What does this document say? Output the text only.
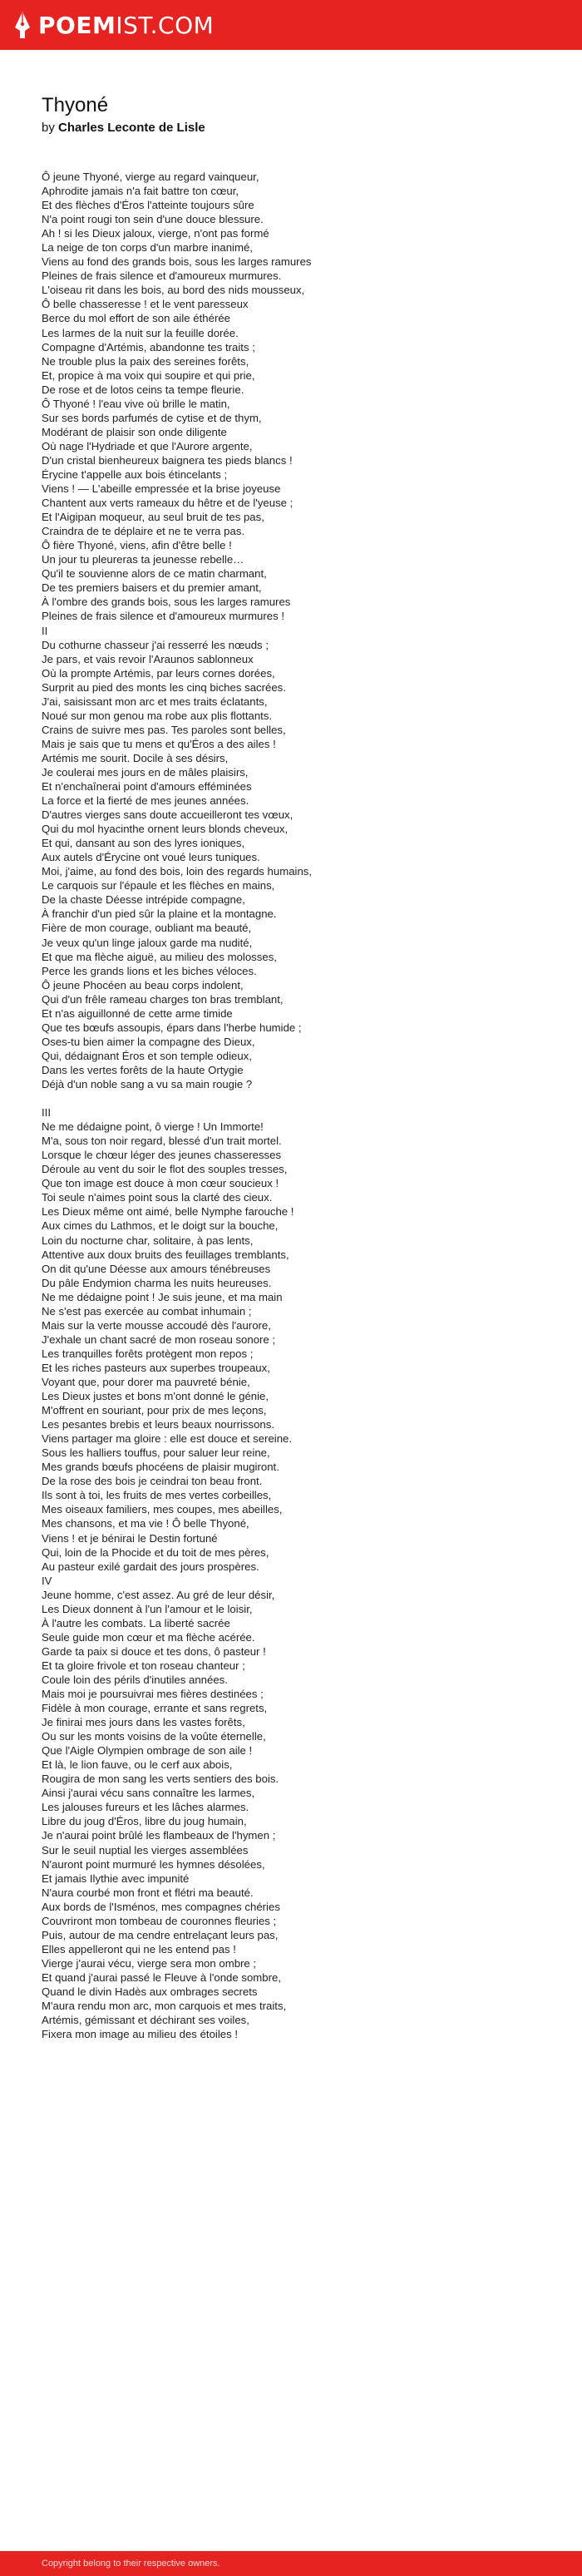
POEMIST.COM
Thyoné
by Charles Leconte de Lisle
Ô jeune Thyoné, vierge au regard vainqueur,
Aphrodite jamais n'a fait battre ton cœur,
Et des flèches d'Éros l'atteinte toujours sûre
N'a point rougi ton sein d'une douce blessure.
Ah ! si les Dieux jaloux, vierge, n'ont pas formé
La neige de ton corps d'un marbre inanimé,
Viens au fond des grands bois, sous les larges ramures
Pleines de frais silence et d'amoureux murmures.
L'oiseau rit dans les bois, au bord des nids mousseux,
Ô belle chasseresse ! et le vent paresseux
Berce du mol effort de son aile éthérée
Les larmes de la nuit sur la feuille dorée.
Compagne d'Artémis, abandonne tes traits ;
Ne trouble plus la paix des sereines forêts,
Et, propice à ma voix qui soupire et qui prie,
De rose et de lotos ceins ta tempe fleurie.
Ô Thyoné ! l'eau vive où brille le matin,
Sur ses bords parfumés de cytise et de thym,
Modérant de plaisir son onde diligente
Où nage l'Hydriade et que l'Aurore argente,
D'un cristal bienheureux baignera tes pieds blancs !
Érycine t'appelle aux bois étincelants ;
Viens ! — L'abeille empressée et la brise joyeuse
Chantent aux verts rameaux du hêtre et de l'yeuse ;
Et l'Aigipan moqueur, au seul bruit de tes pas,
Craindra de te déplaire et ne te verra pas.
Ô fière Thyoné, viens, afin d'être belle !
Un jour tu pleureras ta jeunesse rebelle…
Qu'il te souvienne alors de ce matin charmant,
De tes premiers baisers et du premier amant,
À l'ombre des grands bois, sous les larges ramures
Pleines de frais silence et d'amoureux murmures !
II
Du cothurne chasseur j'ai resserré les nœuds ;
Je pars, et vais revoir l'Araunos sablonneux
Où la prompte Artémis, par leurs cornes dorées,
Surprit au pied des monts les cinq biches sacrées.
J'ai, saisissant mon arc et mes traits éclatants,
Noué sur mon genou ma robe aux plis flottants.
Crains de suivre mes pas. Tes paroles sont belles,
Mais je sais que tu mens et qu'Éros a des ailes !
Artémis me sourit. Docile à ses désirs,
Je coulerai mes jours en de mâles plaisirs,
Et n'enchaînerai point d'amours efféminées
La force et la fierté de mes jeunes années.
D'autres vierges sans doute accueilleront tes vœux,
Qui du mol hyacinthe ornent leurs blonds cheveux,
Et qui, dansant au son des lyres ioniques,
Aux autels d'Érycine ont voué leurs tuniques.
Moi, j'aime, au fond des bois, loin des regards humains,
Le carquois sur l'épaule et les flèches en mains,
De la chaste Déesse intrépide compagne,
À franchir d'un pied sûr la plaine et la montagne.
Fière de mon courage, oubliant ma beauté,
Je veux qu'un linge jaloux garde ma nudité,
Et que ma flèche aiguë, au milieu des molosses,
Perce les grands lions et les biches véloces.
Ô jeune Phocéen au beau corps indolent,
Qui d'un frêle rameau charges ton bras tremblant,
Et n'as aiguillonné de cette arme timide
Que tes bœufs assoupis, épars dans l'herbe humide ;
Oses-tu bien aimer la compagne des Dieux,
Qui, dédaignant Éros et son temple odieux,
Dans les vertes forêts de la haute Ortygie
Déjà d'un noble sang a vu sa main rougie ?

III
Ne me dédaigne point, ô vierge ! Un Immorte!
M'a, sous ton noir regard, blessé d'un trait mortel.
Lorsque le chœur léger des jeunes chasseresses
Déroule au vent du soir le flot des souples tresses,
Que ton image est douce à mon cœur soucieux !
Toi seule n'aimes point sous la clarté des cieux.
Les Dieux même ont aimé, belle Nymphe farouche !
Aux cimes du Lathmos, et le doigt sur la bouche,
Loin du nocturne char, solitaire, à pas lents,
Attentive aux doux bruits des feuillages tremblants,
On dit qu'une Déesse aux amours ténébreuses
Du pâle Endymion charma les nuits heureuses.
Ne me dédaigne point ! Je suis jeune, et ma main
Ne s'est pas exercée au combat inhumain ;
Mais sur la verte mousse accoudé dès l'aurore,
J'exhale un chant sacré de mon roseau sonore ;
Les tranquilles forêts protègent mon repos ;
Et les riches pasteurs aux superbes troupeaux,
Voyant que, pour dorer ma pauvreté bénie,
Les Dieux justes et bons m'ont donné le génie,
M'offrent en souriant, pour prix de mes leçons,
Les pesantes brebis et leurs beaux nourrissons.
Viens partager ma gloire : elle est douce et sereine.
Sous les halliers touffus, pour saluer leur reine,
Mes grands bœufs phocéens de plaisir mugiront.
De la rose des bois je ceindrai ton beau front.
Ils sont à toi, les fruits de mes vertes corbeilles,
Mes oiseaux familiers, mes coupes, mes abeilles,
Mes chansons, et ma vie ! Ô belle Thyoné,
Viens ! et je bénirai le Destin fortuné
Qui, loin de la Phocide et du toit de mes pères,
Au pasteur exilé gardait des jours prospères.
IV
Jeune homme, c'est assez. Au gré de leur désir,
Les Dieux donnent à l'un l'amour et le loisir,
À l'autre les combats. La liberté sacrée
Seule guide mon cœur et ma flèche acérée.
Garde ta paix si douce et tes dons, ô pasteur !
Et ta gloire frivole et ton roseau chanteur ;
Coule loin des périls d'inutiles années.
Mais moi je poursuivrai mes fières destinées ;
Fidèle à mon courage, errante et sans regrets,
Je finirai mes jours dans les vastes forêts,
Ou sur les monts voisins de la voûte éternelle,
Que l'Aigle Olympien ombrage de son aile !
Et là, le lion fauve, ou le cerf aux abois,
Rougira de mon sang les verts sentiers des bois.
Ainsi j'aurai vécu sans connaître les larmes,
Les jalouses fureurs et les lâches alarmes.
Libre du joug d'Éros, libre du joug humain,
Je n'aurai point brûlé les flambeaux de l'hymen ;
Sur le seuil nuptial les vierges assemblées
N'auront point murmuré les hymnes désolées,
Et jamais Ilythie avec impunité
N'aura courbé mon front et flétri ma beauté.
Aux bords de l'Isménos, mes compagnes chéries
Couvriront mon tombeau de couronnes fleuries ;
Puis, autour de ma cendre entrelaçant leurs pas,
Elles appelleront qui ne les entend pas !
Vierge j'aurai vécu, vierge sera mon ombre ;
Et quand j'aurai passé le Fleuve à l'onde sombre,
Quand le divin Hadès aux ombrages secrets
M'aura rendu mon arc, mon carquois et mes traits,
Artémis, gémissant et déchirant ses voiles,
Fixera mon image au milieu des étoiles !
Copyright belong to their respective owners.
